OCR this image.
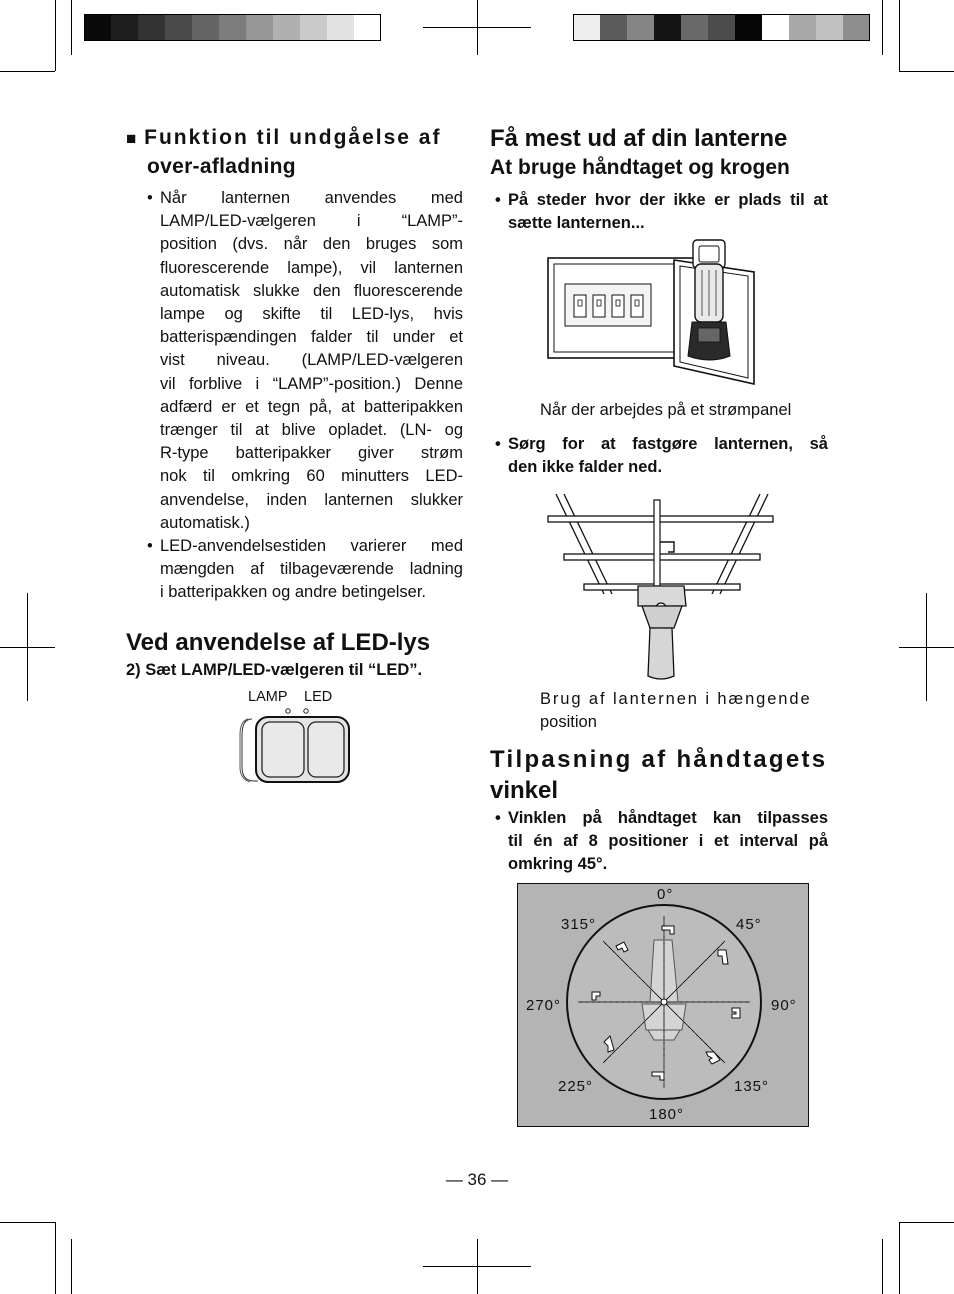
■ Funktion til undgåelse af
over-afladning
• Når lanternen anvendes med
LAMP/LED-vælgeren i “LAMP”-
position (dvs. når den bruges som
fluorescerende lampe), vil lanternen
automatisk slukke den fluorescerende
lampe og skifte til LED-lys, hvis
batterispændingen falder til under et
vist niveau. (LAMP/LED-vælgeren
vil forblive i “LAMP”-position.) Denne
adfærd er et tegn på, at batteripakken
trænger til at blive opladet. (LN- og
R-type batteripakker giver strøm
nok til omkring 60 minutters LED-
anvendelse, inden lanternen slukker
automatisk.)
• LED-anvendelsestiden varierer med
mængden af tilbageværende ladning
i batteripakken og andre betingelser.
Ved anvendelse af LED-lys
2) Sæt LAMP/LED-vælgeren til “LED”.
LAMP LED
Få mest ud af din lanterne
At bruge håndtaget og krogen
• På steder hvor der ikke er plads til at
sætte lanternen...
Når der arbejdes på et strømpanel
• Sørg for at fastgøre lanternen, så
den ikke falder ned.
Brug af lanternen i hængende
position
Tilpasning af håndtagets
vinkel
• Vinklen på håndtaget kan tilpasses
til én af 8 positioner i et interval på
omkring 45°.
0°
45°
90°
135°
180°
225°
270°
315°
― 36 ―
